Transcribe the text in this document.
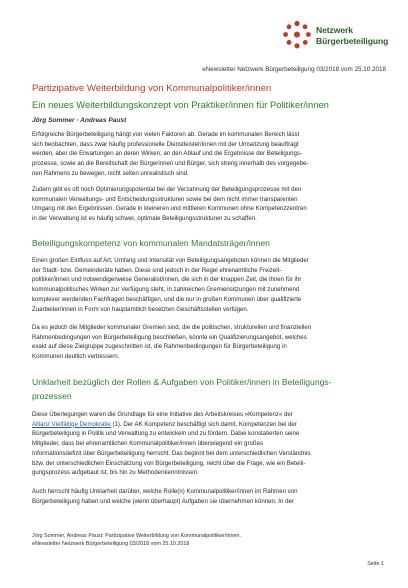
Netzwerk
Bürgerbeteiligung
eNewsletter Netzwerk Bürgerbeteiligung 03/2018 vom 25.10.2018
Partizipative Weiterbildung von Kommunalpolitiker/innen
Ein neues Weiterbildungskonzept von Praktiker/innen für Politiker/innen
Jörg Sommer · Andreas Paust
Erfolgreiche Bürgerbeteiligung hängt von vielen Faktoren ab. Gerade im kommunalen Bereich lässt
sich beobachten, dass zwar häufig professionelle Dienstleister/innen mit der Umsetzung beauftragt
werden, aber die Erwartungen an deren Wirken, an den Ablauf und die Ergebnisse der Beteiligungs-
prozesse, sowie an die Bereitschaft der Bürgerinnen und Bürger, sich streng innerhalb des vorgegebe-
nen Rahmens zu bewegen, nicht selten unrealistisch sind.
Zudem gibt es oft noch Optimierungspotential bei der Verzahnung der Beteiligungsprozesse mit den
kommunalen Verwaltungs- und Entscheidungsstrukturen sowie bei dem nicht immer transparenten
Umgang mit den Ergebnissen. Gerade in kleineren und mittleren Kommunen ohne Kompetenzzentren
in der Verwaltung ist es häufig schwer, optimale Beteiligungsstrukturen zu schaffen.
Beteiligungskompetenz von kommunalen Mandatsträger/innen
Einen großen Einfluss auf Art, Umfang und Intensität von Beteiligungsangeboten können die Mitglieder
der Stadt- bzw. Gemeinderäte haben. Diese sind jedoch in der Regel ehrenamtliche Freizeit-
politiker/innen und notwendigerweise Generalist/innen, die sich in der knappen Zeit, die ihnen für ihr
kommunalpolitisches Wirken zur Verfügung steht, in zahlreichen Gremiensitzungen mit zunehmend
komplexer werdenden Fachfragen beschäftigen, und die nur in großen Kommunen über qualifizierte
Zuarbeiter/innen in Form von hauptamtlich besetzten Geschäftsstellen verfügen.
Da es jedoch die Mitglieder kommunaler Gremien sind, die die politischen, strukturellen und finanziellen
Rahmenbedingungen von Bürgerbeteiligung beschließen, könnte ein Qualifizierungsangebot, welches
exakt auf diese Zielgruppe zugeschnitten ist, die Rahmenbedingungen für Bürgerbeteiligung in
Kommunen deutlich verbessern.
Unklarheit bezüglich der Rollen & Aufgaben von Politiker/innen in Beteiligungs-
prozessen
Diese Überlegungen waren die Grundlage für eine Initiative des Arbeitskreises »Kompetenz« der
Allianz Vielfältige Demokratie (1). Der AK Kompetenz beschäftigt sich damit, Kompetenzen bei der
Bürgerbeteiligung in Politik und Verwaltung zu entwickeln und zu fördern. Dabei konstatierten seine
Mitglieder, dass bei ehrenamtlichen Kommunalpolitiker/innen überwiegend ein großes
Informationsdefizit über Bürgerbeteiligung herrscht. Das beginnt bei dem unterschiedlichen Verständnis
bzw. der unterschiedlichen Einschätzung von Bürgerbeteiligung, reicht über die Frage, wie ein Beteili-
gungsprozess aufgebaut ist, bis hin zu Methodenkenntnissen.
Auch herrscht häufig Unklarheit darüber, welche Rolle(n) Kommunalpolitiker/innen im Rahmen von
Bürgerbeteiligung haben und welche (wenn überhaupt) Aufgaben sie übernehmen können. In der
Jörg Sommer, Andreas Paust: Partizipative Weiterbildung von Kommunalpolitiker/innen.
eNewsletter Netzwerk Bürgerbeteiligung 03/2018 vom 25.10.2018
Seite 1
